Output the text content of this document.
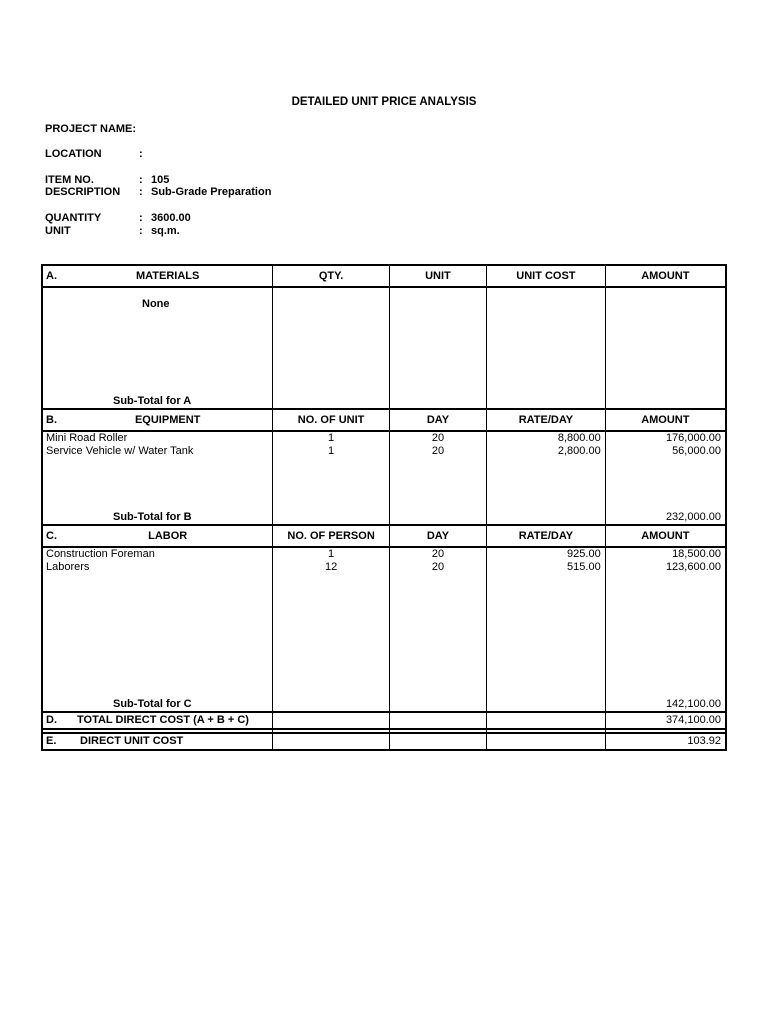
DETAILED UNIT PRICE ANALYSIS
PROJECT NAME:
LOCATION	:
ITEM NO.	: 105
DESCRIPTION : Sub-Grade Preparation
QUANTITY	: 3600.00
UNIT	: sq.m.
A. MATERIALS	QTY.	UNIT	UNIT COST	AMOUNT
None				
Sub-Total for A				

B. EQUIPMENT	NO. OF UNIT	DAY	RATE/DAY	AMOUNT
Mini Road Roller	1	20	8,800.00	176,000.00
Service Vehicle w/ Water Tank	1	20	2,800.00	56,000.00

Sub-Total for B				232,000.00

C. LABOR	NO. OF PERSON	DAY	RATE/DAY	AMOUNT
Construction Foreman	1	20	925.00	18,500.00
Laborers	12	20	515.00	123,600.00

Sub-Total for C				142,100.00

D. TOTAL DIRECT COST (A + B + C)				374,100.00

E. DIRECT UNIT COST				103.92
